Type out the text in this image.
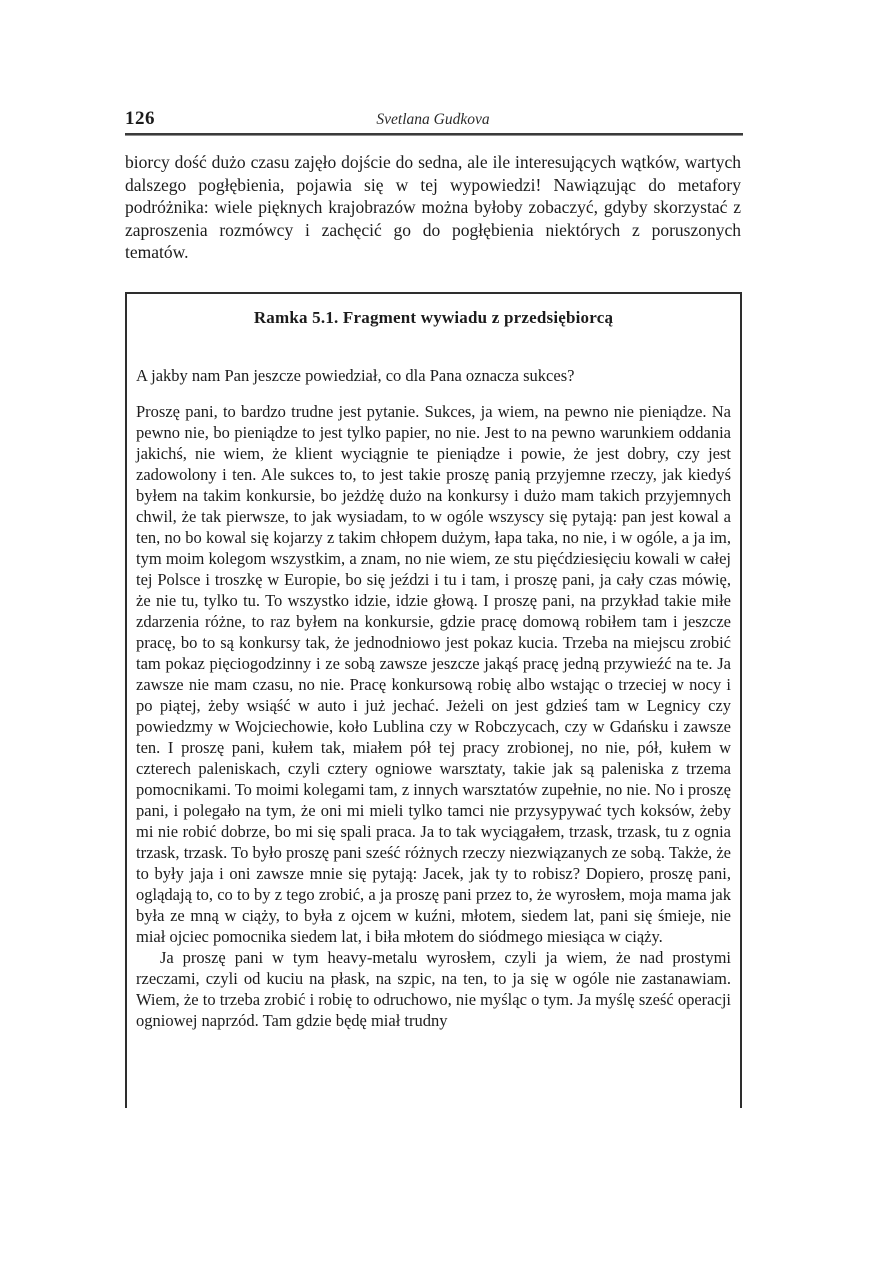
126	Svetlana Gudkova

biorcy dość dużo czasu zajęło dojście do sedna, ale ile interesujących wątków, wartych dalszego pogłębienia, pojawia się w tej wypowiedzi! Nawiązując do metafory podróżnika: wiele pięknych krajobrazów można byłoby zobaczyć, gdyby skorzystać z zaproszenia rozmówcy i zachęcić go do pogłębienia niektórych z poruszonych tematów.

Ramka 5.1. Fragment wywiadu z przedsiębiorcą

A jakby nam Pan jeszcze powiedział, co dla Pana oznacza sukces?

Proszę pani, to bardzo trudne jest pytanie. Sukces, ja wiem, na pewno nie pieniądze. Na pewno nie, bo pieniądze to jest tylko papier, no nie. Jest to na pewno warunkiem oddania jakichś, nie wiem, że klient wyciągnie te pieniądze i powie, że jest dobry, czy jest zadowolony i ten. Ale sukces to, to jest takie proszę panią przyjemne rzeczy, jak kiedyś byłem na takim konkursie, bo jeżdżę dużo na konkursy i dużo mam takich przyjemnych chwil, że tak pierwsze, to jak wysiadam, to w ogóle wszyscy się pytają: pan jest kowal a ten, no bo kowal się kojarzy z takim chłopem dużym, łapa taka, no nie, i w ogóle, a ja im, tym moim kolegom wszystkim, a znam, no nie wiem, ze stu pięćdziesięciu kowali w całej tej Polsce i troszkę w Europie, bo się jeździ i tu i tam, i proszę pani, ja cały czas mówię, że nie tu, tylko tu. To wszystko idzie, idzie głową. I proszę pani, na przykład takie miłe zdarzenia różne, to raz byłem na konkursie, gdzie pracę domową robiłem tam i jeszcze pracę, bo to są konkursy tak, że jednodniowo jest pokaz kucia. Trzeba na miejscu zrobić tam pokaz pięciogodzinny i ze sobą zawsze jeszcze jakąś pracę jedną przywieźć na te. Ja zawsze nie mam czasu, no nie. Pracę konkursową robię albo wstając o trzeciej w nocy i po piątej, żeby wsiąść w auto i już jechać. Jeżeli on jest gdzieś tam w Legnicy czy powiedzmy w Wojciechowie, koło Lublina czy w Robczycach, czy w Gdańsku i zawsze ten. I proszę pani, kułem tak, miałem pół tej pracy zrobionej, no nie, pół, kułem w czterech paleniskach, czyli cztery ogniowe warsztaty, takie jak są paleniska z trzema pomocnikami. To moimi kolegami tam, z innych warsztatów zupełnie, no nie. No i proszę pani, i polegało na tym, że oni mi mieli tylko tamci nie przysypywać tych koksów, żeby mi nie robić dobrze, bo mi się spali praca. Ja to tak wyciągałem, trzask, trzask, tu z ognia trzask, trzask. To było proszę pani sześć różnych rzeczy niezwiązanych ze sobą. Także, że to były jaja i oni zawsze mnie się pytają: Jacek, jak ty to robisz? Dopiero, proszę pani, oglądają to, co to by z tego zrobić, a ja proszę pani przez to, że wyrosłem, moja mama jak była ze mną w ciąży, to była z ojcem w kuźni, młotem, siedem lat, pani się śmieje, nie miał ojciec pomocnika siedem lat, i biła młotem do siódmego miesiąca w ciąży.

Ja proszę pani w tym heavy-metalu wyrosłem, czyli ja wiem, że nad prostymi rzeczami, czyli od kuciu na płask, na szpic, na ten, to ja się w ogóle nie zastanawiam. Wiem, że to trzeba zrobić i robię to odruchowo, nie myśląc o tym. Ja myślę sześć operacji ogniowej naprzód. Tam gdzie będę miał trudny
